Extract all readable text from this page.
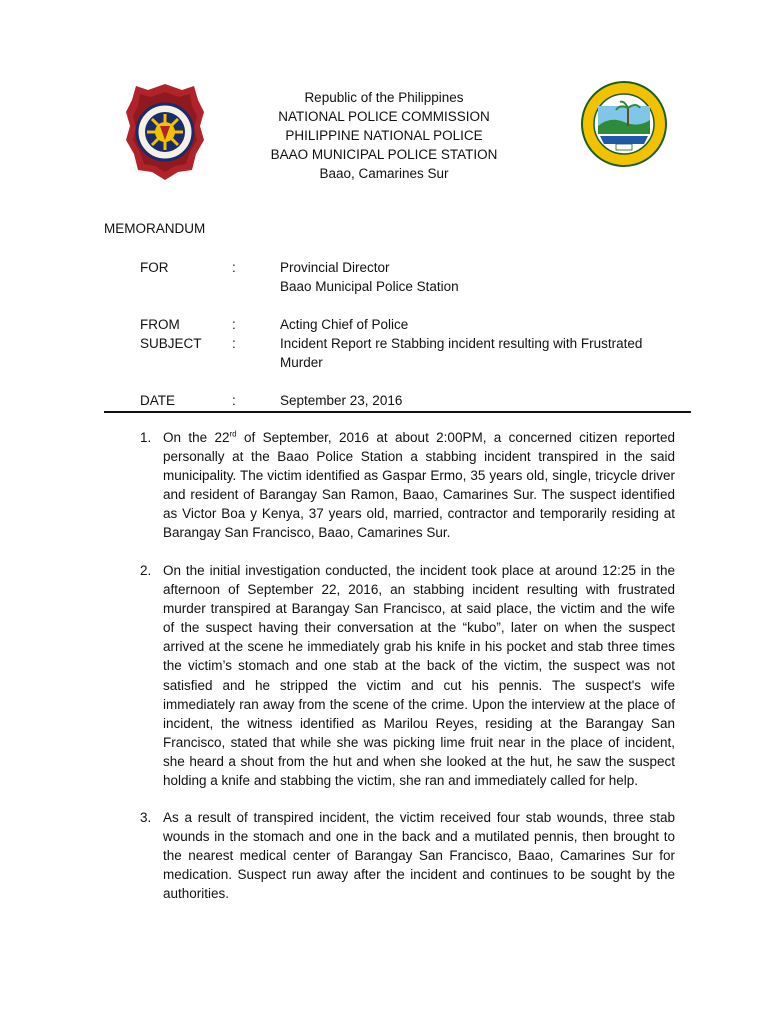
Republic of the Philippines
NATIONAL POLICE COMMISSION
PHILIPPINE NATIONAL POLICE
BAAO MUNICIPAL POLICE STATION
Baao, Camarines Sur
MEMORANDUM
FOR	:	Provincial Director
Baao Municipal Police Station
FROM	:	Acting Chief of Police
SUBJECT :	Incident Report re Stabbing incident resulting with Frustrated Murder
DATE	:	September 23, 2016
1. On the 22rd of September, 2016 at about 2:00PM, a concerned citizen reported personally at the Baao Police Station a stabbing incident transpired in the said municipality. The victim identified as Gaspar Ermo, 35 years old, single, tricycle driver and resident of Barangay San Ramon, Baao, Camarines Sur. The suspect identified as Victor Boa y Kenya, 37 years old, married, contractor and temporarily residing at Barangay San Francisco, Baao, Camarines Sur.
2. On the initial investigation conducted, the incident took place at around 12:25 in the afternoon of September 22, 2016, an stabbing incident resulting with frustrated murder transpired at Barangay San Francisco, at said place, the victim and the wife of the suspect having their conversation at the “kubo”, later on when the suspect arrived at the scene he immediately grab his knife in his pocket and stab three times the victim’s stomach and one stab at the back of the victim, the suspect was not satisfied and he stripped the victim and cut his pennis. The suspect's wife immediately ran away from the scene of the crime. Upon the interview at the place of incident, the witness identified as Marilou Reyes, residing at the Barangay San Francisco, stated that while she was picking lime fruit near in the place of incident, she heard a shout from the hut and when she looked at the hut, he saw the suspect holding a knife and stabbing the victim, she ran and immediately called for help.
3. As a result of transpired incident, the victim received four stab wounds, three stab wounds in the stomach and one in the back and a mutilated pennis, then brought to the nearest medical center of Barangay San Francisco, Baao, Camarines Sur for medication. Suspect run away after the incident and continues to be sought by the authorities.
